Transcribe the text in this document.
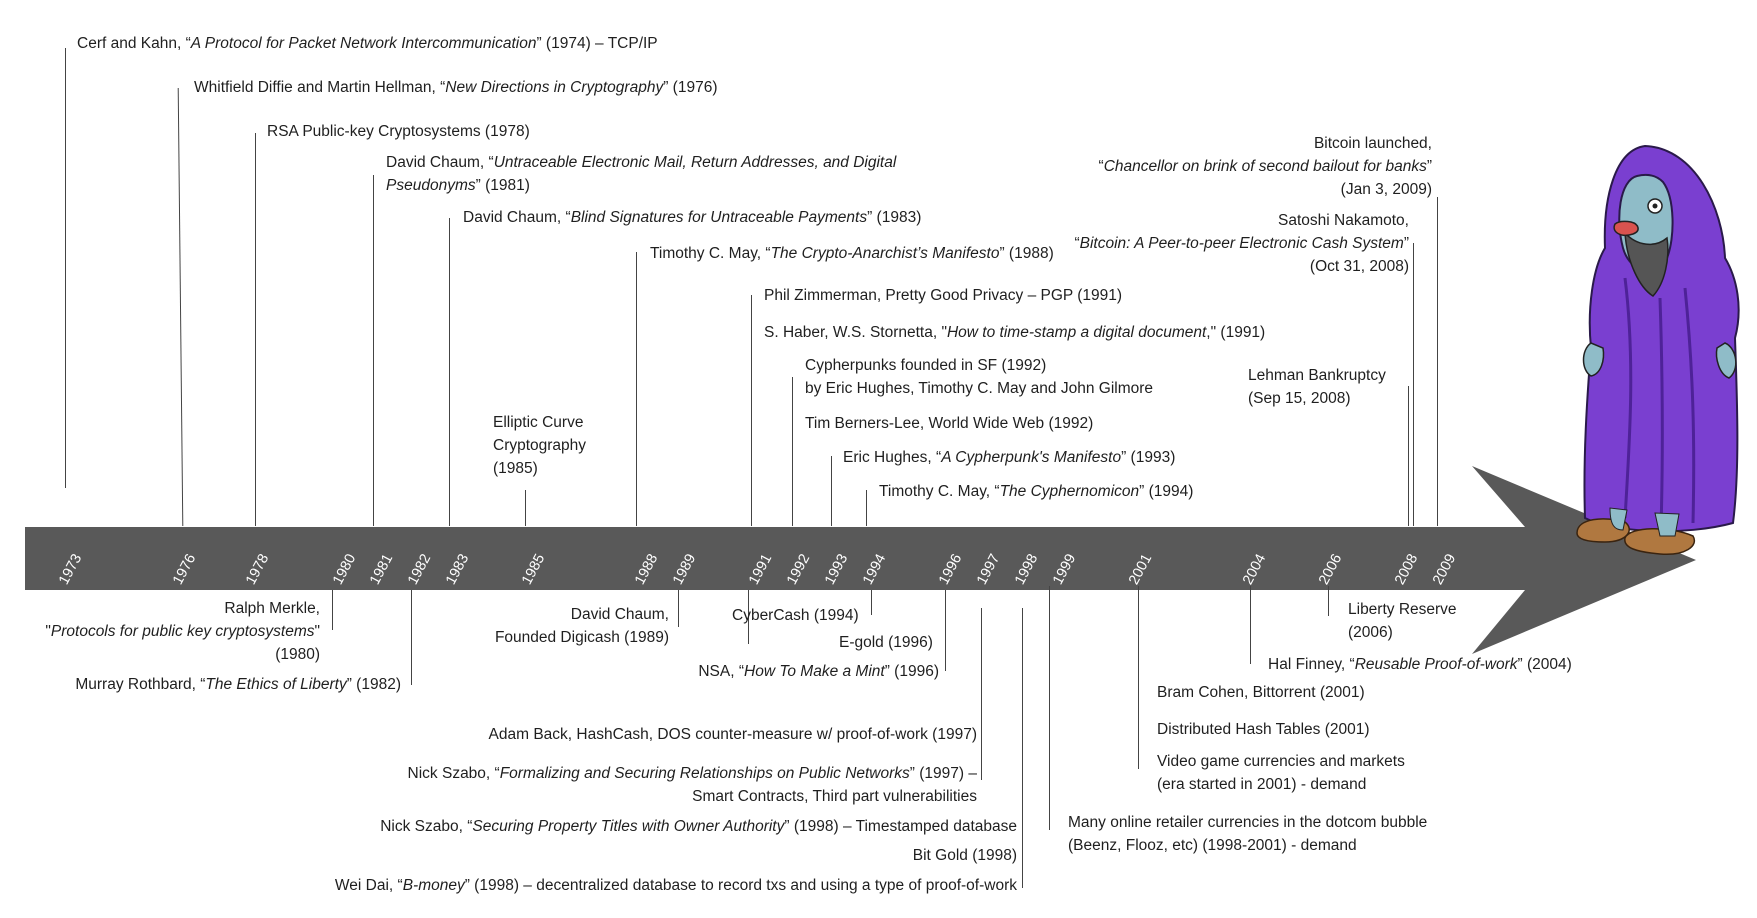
1973	1976	1978	1980 1981 1982 1983	1985	1988 1989	1991 1992 1993 1994	1996 1997 1998 1999	2001	2004	2006	2008 2009
Cerf and Kahn, “A Protocol for Packet Network Intercommunication” (1974) – TCP/IP
Whitfield Diffie and Martin Hellman, “New Directions in Cryptography” (1976)
RSA Public-key Cryptosystems (1978)
David Chaum, “Untraceable Electronic Mail, Return Addresses, and Digital
Pseudonyms” (1981)
David Chaum, “Blind Signatures for Untraceable Payments” (1983)
Elliptic Curve
Cryptography
(1985)
Timothy C. May, “The Crypto-Anarchist’s Manifesto” (1988)
Phil Zimmerman, Pretty Good Privacy – PGP (1991)
S. Haber, W.S. Stornetta, "How to time-stamp a digital document," (1991)
Cypherpunks founded in SF (1992)
by Eric Hughes, Timothy C. May and John Gilmore
Tim Berners-Lee, World Wide Web (1992)
Eric Hughes, “A Cypherpunk's Manifesto” (1993)
Timothy C. May, “The Cyphernomicon” (1994)
Lehman Bankruptcy
(Sep 15, 2008)
Satoshi Nakamoto,
“Bitcoin: A Peer-to-peer Electronic Cash System”
(Oct 31, 2008)
Bitcoin launched,
“Chancellor on brink of second bailout for banks”
(Jan 3, 2009)
Ralph Merkle,
"Protocols for public key cryptosystems"
(1980)
Murray Rothbard, “The Ethics of Liberty” (1982)
David Chaum,
Founded Digicash (1989)
CyberCash (1994)
E-gold (1996)
NSA, “How To Make a Mint” (1996)
Adam Back, HashCash, DOS counter-measure w/ proof-of-work (1997)
Nick Szabo, “Formalizing and Securing Relationships on Public Networks” (1997) –
Smart Contracts, Third part vulnerabilities
Nick Szabo, “Securing Property Titles with Owner Authority” (1998) – Timestamped database
Bit Gold (1998)
Wei Dai, “B-money” (1998) – decentralized database to record txs and using a type of proof-of-work
Many online retailer currencies in the dotcom bubble
(Beenz, Flooz, etc) (1998-2001) - demand
Bram Cohen, Bittorrent (2001)
Distributed Hash Tables (2001)
Video game currencies and markets
(era started in 2001) - demand
Hal Finney, “Reusable Proof-of-work” (2004)
Liberty Reserve
(2006)
